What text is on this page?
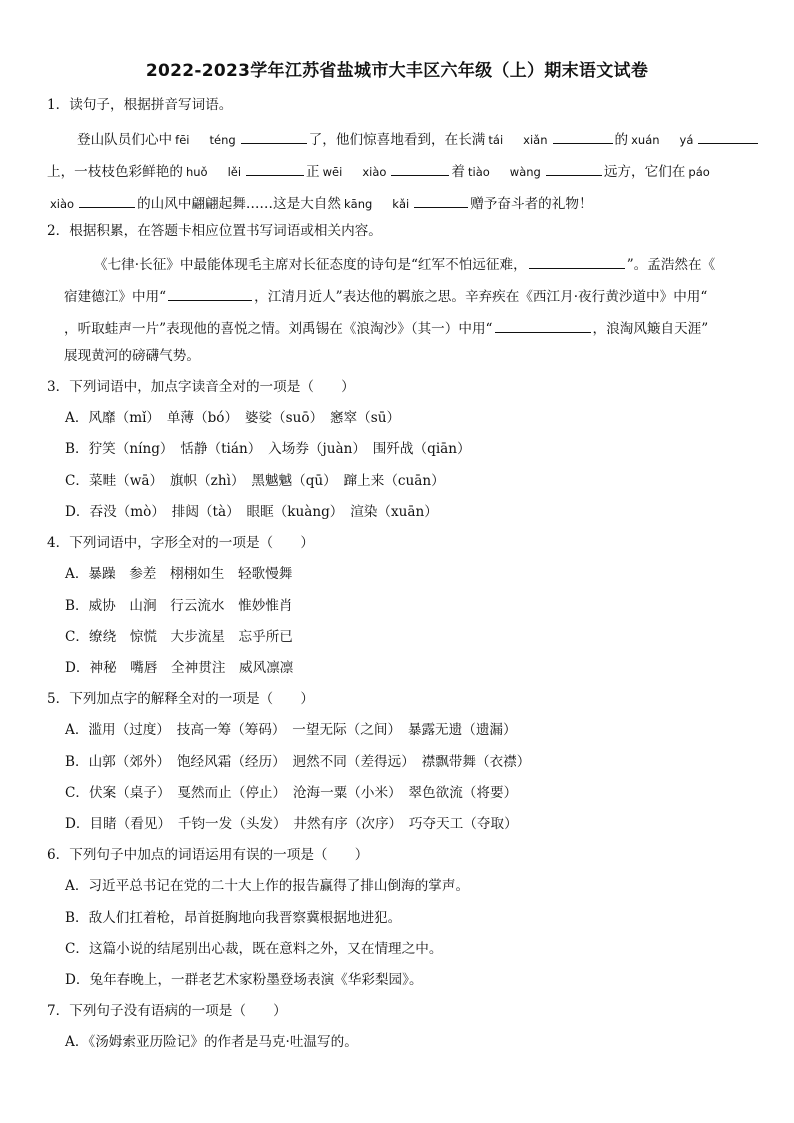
2022-2023学年江苏省盐城市大丰区六年级（上）期末语文试卷
1．读句子，根据拼音写词语。
登山队员们心中 fēi téng	了，他们惊喜地看到，在长满 tái xiǎn	的 xuán yá
上，一枝枝色彩鲜艳的 huǒ lěi	正 wēi xiào	着 tiào wàng	远方，它们在 páo
xiào	的山风中翩翩起舞……这是大自然 kāng kǎi	赠予奋斗者的礼物！
2．根据积累，在答题卡相应位置书写词语或相关内容。
《七律·长征》中最能体现毛主席对长征态度的诗句是“红军不怕远征难，	”。孟浩然在《
宿建德江》中用“	，江清月近人”表达他的羁旅之思。辛弃疾在《西江月·夜行黄沙道中》中用“
，听取蛙声一片”表现他的喜悦之情。刘禹锡在《浪淘沙》（其一）中用“	，浪淘风簸自天涯”
展现黄河的磅礴气势。
3．下列词语中，加点字读音全对的一项是（　　）
A．风靡（mǐ）　单薄（bó）　婆娑（suō）　窸窣（sū）
B．狞笑（níng）　恬静（tián）　入场券（juàn）　围歼战（qiān）
C．菜畦（wā）　旗帜（zhì）　黑魆魆（qū）　蹿上来（cuān）
D．吞没（mò）　排闼（tà）　眼眶（kuàng）　渲染（xuān）
4．下列词语中，字形全对的一项是（　　）
A．暴躁　参差　栩栩如生　轻歌慢舞
B．威协　山涧　行云流水　惟妙惟肖
C．缭绕　惊慌　大步流星　忘乎所已
D．神秘　嘴唇　全神贯注　威风凛凛
5．下列加点字的解释全对的一项是（　　）
A．滥用（过度）　技高一筹（筹码）　一望无际（之间）　暴露无遗（遗漏）
B．山郭（郊外）　饱经风霜（经历）　迥然不同（差得远）　襟飘带舞（衣襟）
C．伏案（桌子）　戛然而止（停止）　沧海一粟（小米）　翠色欲流（将要）
D．目睹（看见）　千钧一发（头发）　井然有序（次序）　巧夺天工（夺取）
6．下列句子中加点的词语运用有误的一项是（　　）
A．习近平总书记在党的二十大上作的报告赢得了排山倒海的掌声。
B．敌人们扛着枪，昂首挺胸地向我晋察冀根据地进犯。
C．这篇小说的结尾别出心裁，既在意料之外，又在情理之中。
D．兔年春晚上，一群老艺术家粉墨登场表演《华彩梨园》。
7．下列句子没有语病的一项是（　　）
A．《汤姆索亚历险记》的作者是马克·吐温写的。
